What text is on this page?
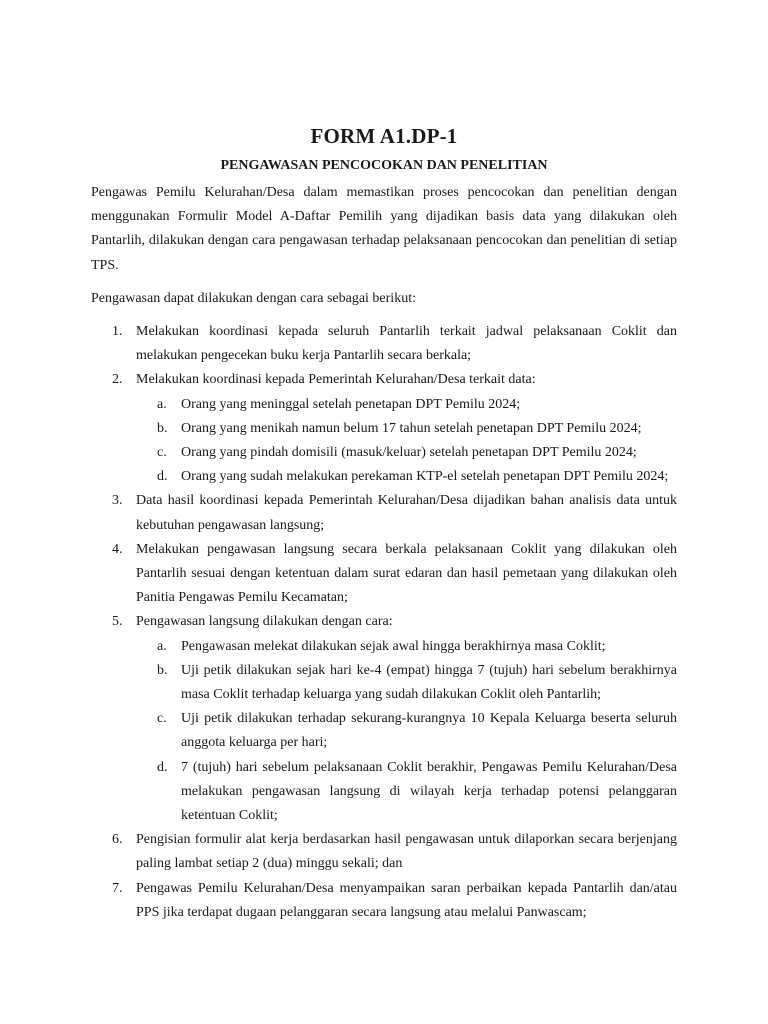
FORM A1.DP-1
PENGAWASAN PENCOCOKAN DAN PENELITIAN

Pengawas Pemilu Kelurahan/Desa dalam memastikan proses pencocokan dan penelitian dengan menggunakan Formulir Model A-Daftar Pemilih yang dijadikan basis data yang dilakukan oleh Pantarlih, dilakukan dengan cara pengawasan terhadap pelaksanaan pencocokan dan penelitian di setiap TPS.

Pengawasan dapat dilakukan dengan cara sebagai berikut:

1. Melakukan koordinasi kepada seluruh Pantarlih terkait jadwal pelaksanaan Coklit dan melakukan pengecekan buku kerja Pantarlih secara berkala;
2. Melakukan koordinasi kepada Pemerintah Kelurahan/Desa terkait data:
a. Orang yang meninggal setelah penetapan DPT Pemilu 2024;
b. Orang yang menikah namun belum 17 tahun setelah penetapan DPT Pemilu 2024;
c. Orang yang pindah domisili (masuk/keluar) setelah penetapan DPT Pemilu 2024;
d. Orang yang sudah melakukan perekaman KTP-el setelah penetapan DPT Pemilu 2024;
3. Data hasil koordinasi kepada Pemerintah Kelurahan/Desa dijadikan bahan analisis data untuk kebutuhan pengawasan langsung;
4. Melakukan pengawasan langsung secara berkala pelaksanaan Coklit yang dilakukan oleh Pantarlih sesuai dengan ketentuan dalam surat edaran dan hasil pemetaan yang dilakukan oleh Panitia Pengawas Pemilu Kecamatan;
5. Pengawasan langsung dilakukan dengan cara:
a. Pengawasan melekat dilakukan sejak awal hingga berakhirnya masa Coklit;
b. Uji petik dilakukan sejak hari ke-4 (empat) hingga 7 (tujuh) hari sebelum berakhirnya masa Coklit terhadap keluarga yang sudah dilakukan Coklit oleh Pantarlih;
c. Uji petik dilakukan terhadap sekurang-kurangnya 10 Kepala Keluarga beserta seluruh anggota keluarga per hari;
d. 7 (tujuh) hari sebelum pelaksanaan Coklit berakhir, Pengawas Pemilu Kelurahan/Desa melakukan pengawasan langsung di wilayah kerja terhadap potensi pelanggaran ketentuan Coklit;
6. Pengisian formulir alat kerja berdasarkan hasil pengawasan untuk dilaporkan secara berjenjang paling lambat setiap 2 (dua) minggu sekali; dan
7. Pengawas Pemilu Kelurahan/Desa menyampaikan saran perbaikan kepada Pantarlih dan/atau PPS jika terdapat dugaan pelanggaran secara langsung atau melalui Panwascam;
